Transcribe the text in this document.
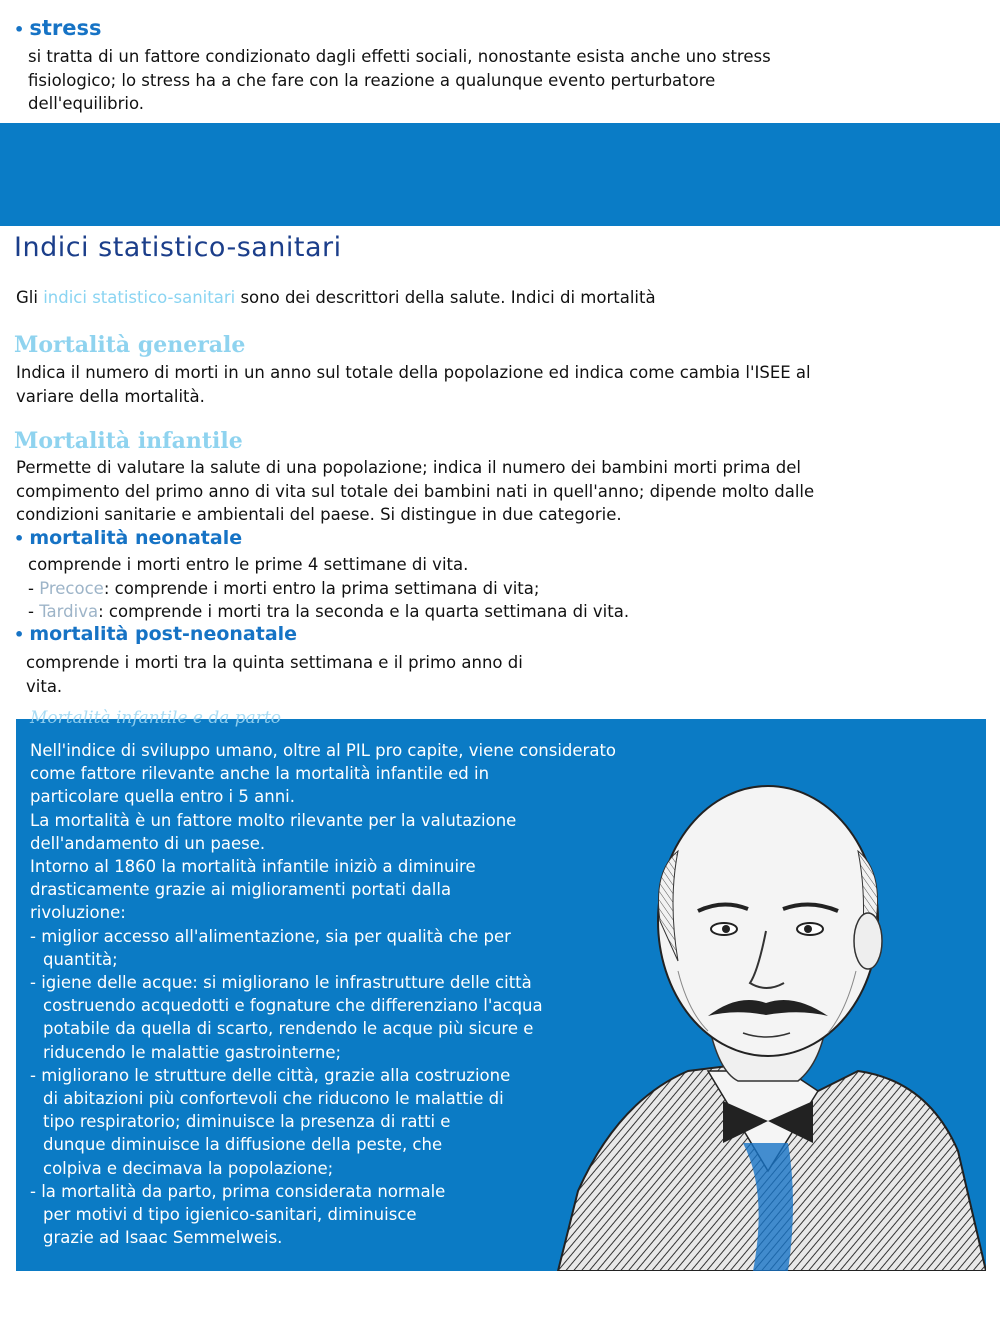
• stress
si tratta di un fattore condizionato dagli effetti sociali, nonostante esista anche uno stress
fisiologico; lo stress ha a che fare con la reazione a qualunque evento perturbatore
dell'equilibrio.
Indici statistico-sanitari
Gli indici statistico-sanitari sono dei descrittori della salute. Indici di mortalità
Mortalità generale
Indica il numero di morti in un anno sul totale della popolazione ed indica come cambia l'ISEE al
variare della mortalità.
Mortalità infantile
Permette di valutare la salute di una popolazione; indica il numero dei bambini morti prima del
compimento del primo anno di vita sul totale dei bambini nati in quell'anno; dipende molto dalle
condizioni sanitarie e ambientali del paese. Si distingue in due categorie.
• mortalità neonatale
comprende i morti entro le prime 4 settimane di vita.
- Precoce: comprende i morti entro la prima settimana di vita;
- Tardiva: comprende i morti tra la seconda e la quarta settimana di vita.
• mortalità post-neonatale
comprende i morti tra la quinta settimana e il primo anno di
vita.
Nell'indice di sviluppo umano, oltre al PIL pro capite, viene considerato
come fattore rilevante anche la mortalità infantile ed in
particolare quella entro i 5 anni.
La mortalità è un fattore molto rilevante per la valutazione
dell'andamento di un paese.
Intorno al 1860 la mortalità infantile iniziò a diminuire
drasticamente grazie ai miglioramenti portati dalla
rivoluzione:
- miglior accesso all'alimentazione, sia per qualità che per
quantità;
- igiene delle acque: si migliorano le infrastrutture delle città
costruendo acquedotti e fognature che differenziano l'acqua
potabile da quella di scarto, rendendo le acque più sicure e
riducendo le malattie gastrointerne;
- migliorano le strutture delle città, grazie alla costruzione
di abitazioni più confortevoli che riducono le malattie di
tipo respiratorio; diminuisce la presenza di ratti e
dunque diminuisce la diffusione della peste, che
colpiva e decimava la popolazione;
- la mortalità da parto, prima considerata normale
per motivi d tipo igienico-sanitari, diminuisce
grazie ad Isaac Semmelweis.
Mortalità infantile e da parto
